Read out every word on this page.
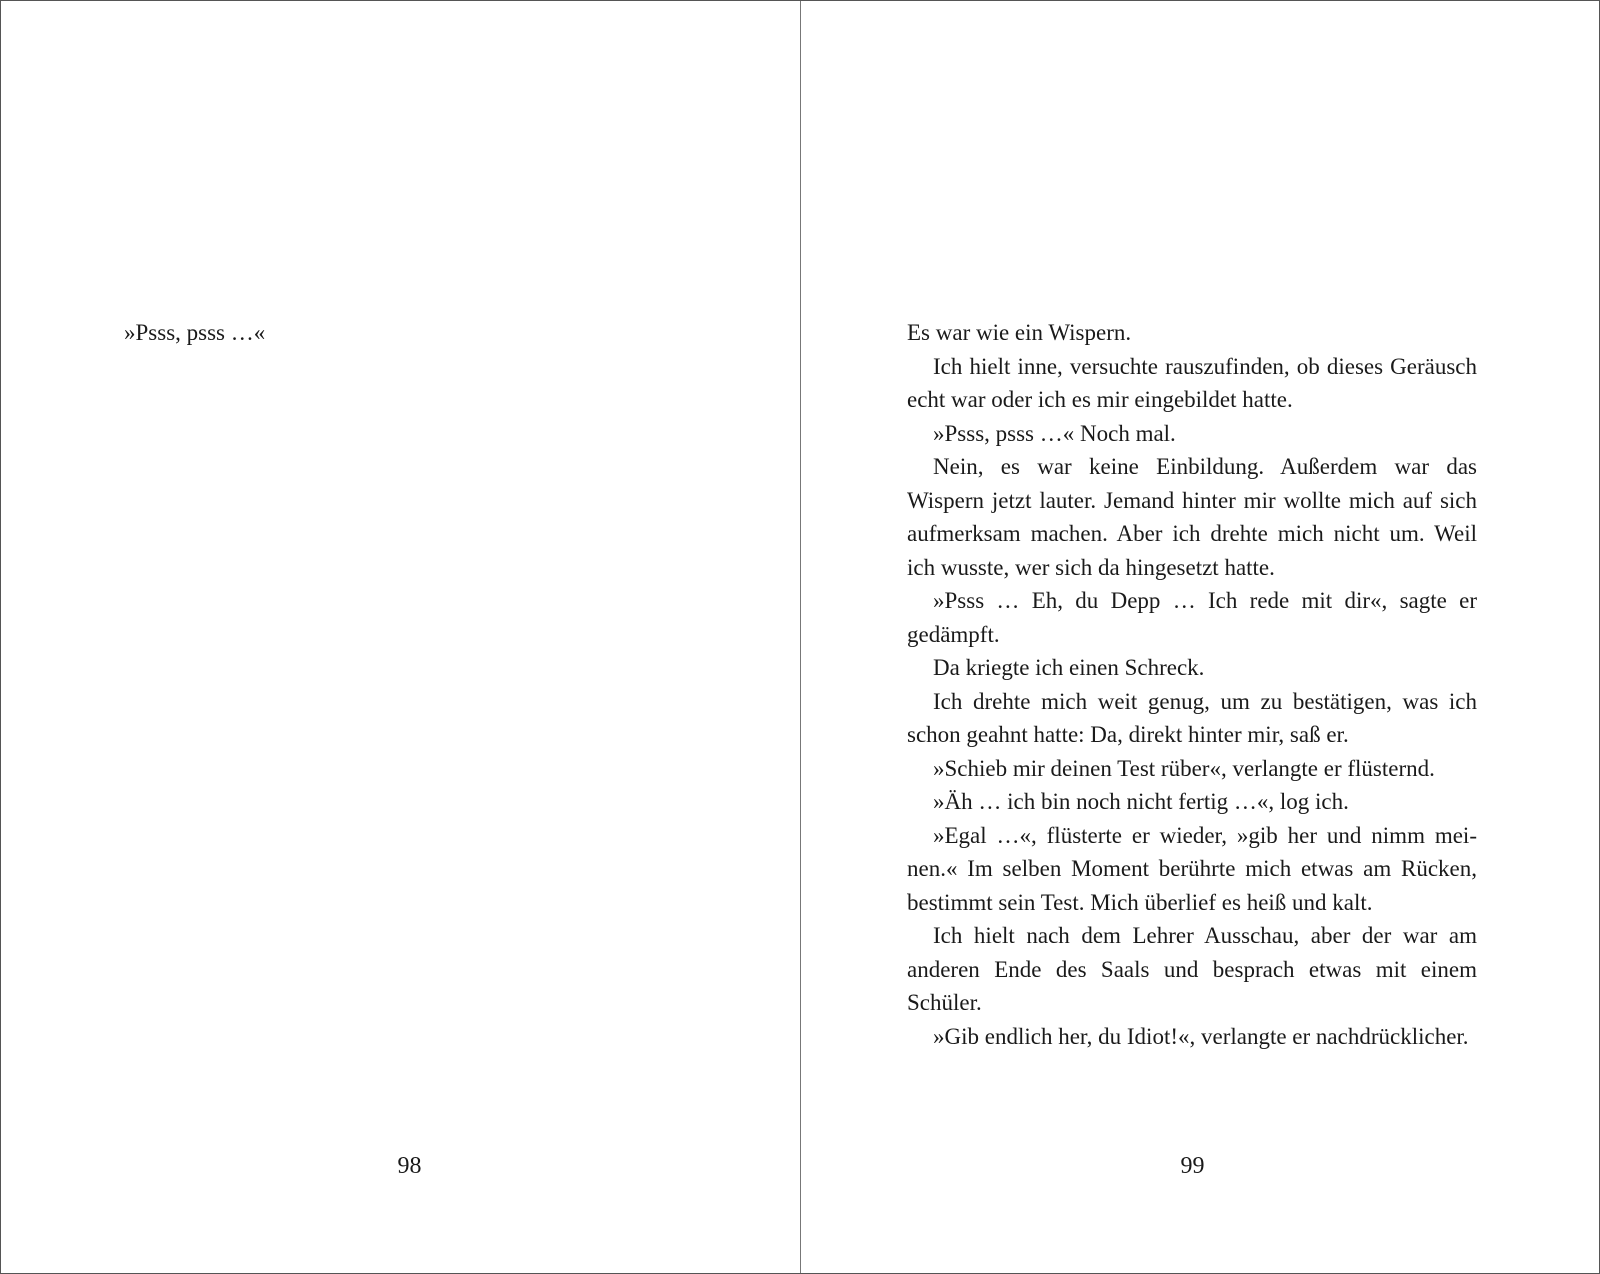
»Psss, psss …«

98

Es war wie ein Wispern.

Ich hielt inne, versuchte rauszufinden, ob dieses Geräusch echt war oder ich es mir eingebildet hatte.

»Psss, psss …« Noch mal.

Nein, es war keine Einbildung. Außerdem war das Wispern jetzt lauter. Jemand hinter mir wollte mich auf sich aufmerksam machen. Aber ich drehte mich nicht um. Weil ich wusste, wer sich da hingesetzt hatte.

»Psss … Eh, du Depp … Ich rede mit dir«, sagte er gedämpft.

Da kriegte ich einen Schreck.

Ich drehte mich weit genug, um zu bestätigen, was ich schon geahnt hatte: Da, direkt hinter mir, saß er.

»Schieb mir deinen Test rüber«, verlangte er flüsternd.

»Äh … ich bin noch nicht fertig …«, log ich.

»Egal …«, flüsterte er wieder, »gib her und nimm meinen.« Im selben Moment berührte mich etwas am Rücken, bestimmt sein Test. Mich überlief es heiß und kalt.

Ich hielt nach dem Lehrer Ausschau, aber der war am anderen Ende des Saals und besprach etwas mit einem Schüler.

»Gib endlich her, du Idiot!«, verlangte er nachdrücklicher.

99
